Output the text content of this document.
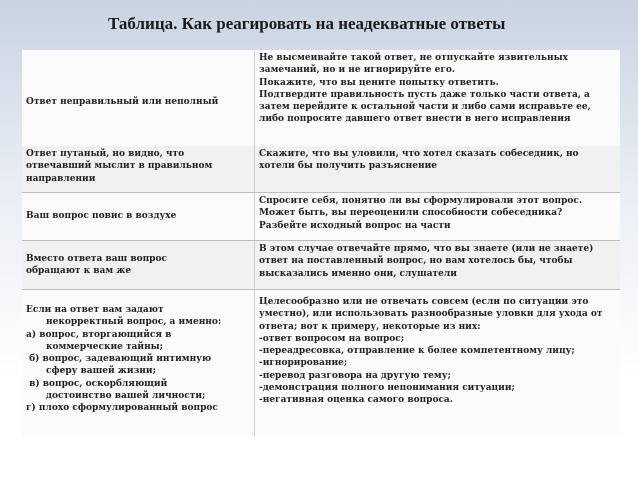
Таблица. Как реагировать на неадекватные ответы
Ответ неправильный или неполный
Не высмеивайте такой ответ, не отпускайте язвительных
замечаний, но и не игнорируйте его.
Покажите, что вы цените попытку ответить.
Подтвердите правильность пусть даже только части ответа, а
затем перейдите к остальной части и либо сами исправьте ее,
либо попросите давшего ответ внести в него исправления
Ответ путаный, но видно, что
отвечавший мыслит в правильном
направлении
Скажите, что вы уловили, что хотел сказать собеседник, но
хотели бы получить разъяснение
Ваш вопрос повис в воздухе
Спросите себя, понятно ли вы сформулировали этот вопрос.
Может быть, вы переоценили способности собеседника?
Разбейте исходный вопрос на части
Вместо ответа ваш вопрос
обращают к вам же
В этом случае отвечайте прямо, что вы знаете (или не знаете)
ответ на поставленный вопрос, но вам хотелось бы, чтобы
высказались именно они, слушатели
Если на ответ вам задают
некорректный вопрос, а именно:
а) вопрос, вторгающийся в
коммерческие тайны;
б) вопрос, задевающий интимную
сферу вашей жизни;
в) вопрос, оскорбляющий
достоинство вашей личности;
г) плохо сформулированный вопрос
Целесообразно или не отвечать совсем (если по ситуации это
уместно), или использовать разнообразные уловки для ухода от
ответа; вот к примеру, некоторые из них:
-ответ вопросом на вопрос;
-переадресовка, отправление к более компетентному лицу;
-игнорирование;
-перевод разговора на другую тему;
-демонстрация полного непонимания ситуации;
-негативная оценка самого вопроса.
